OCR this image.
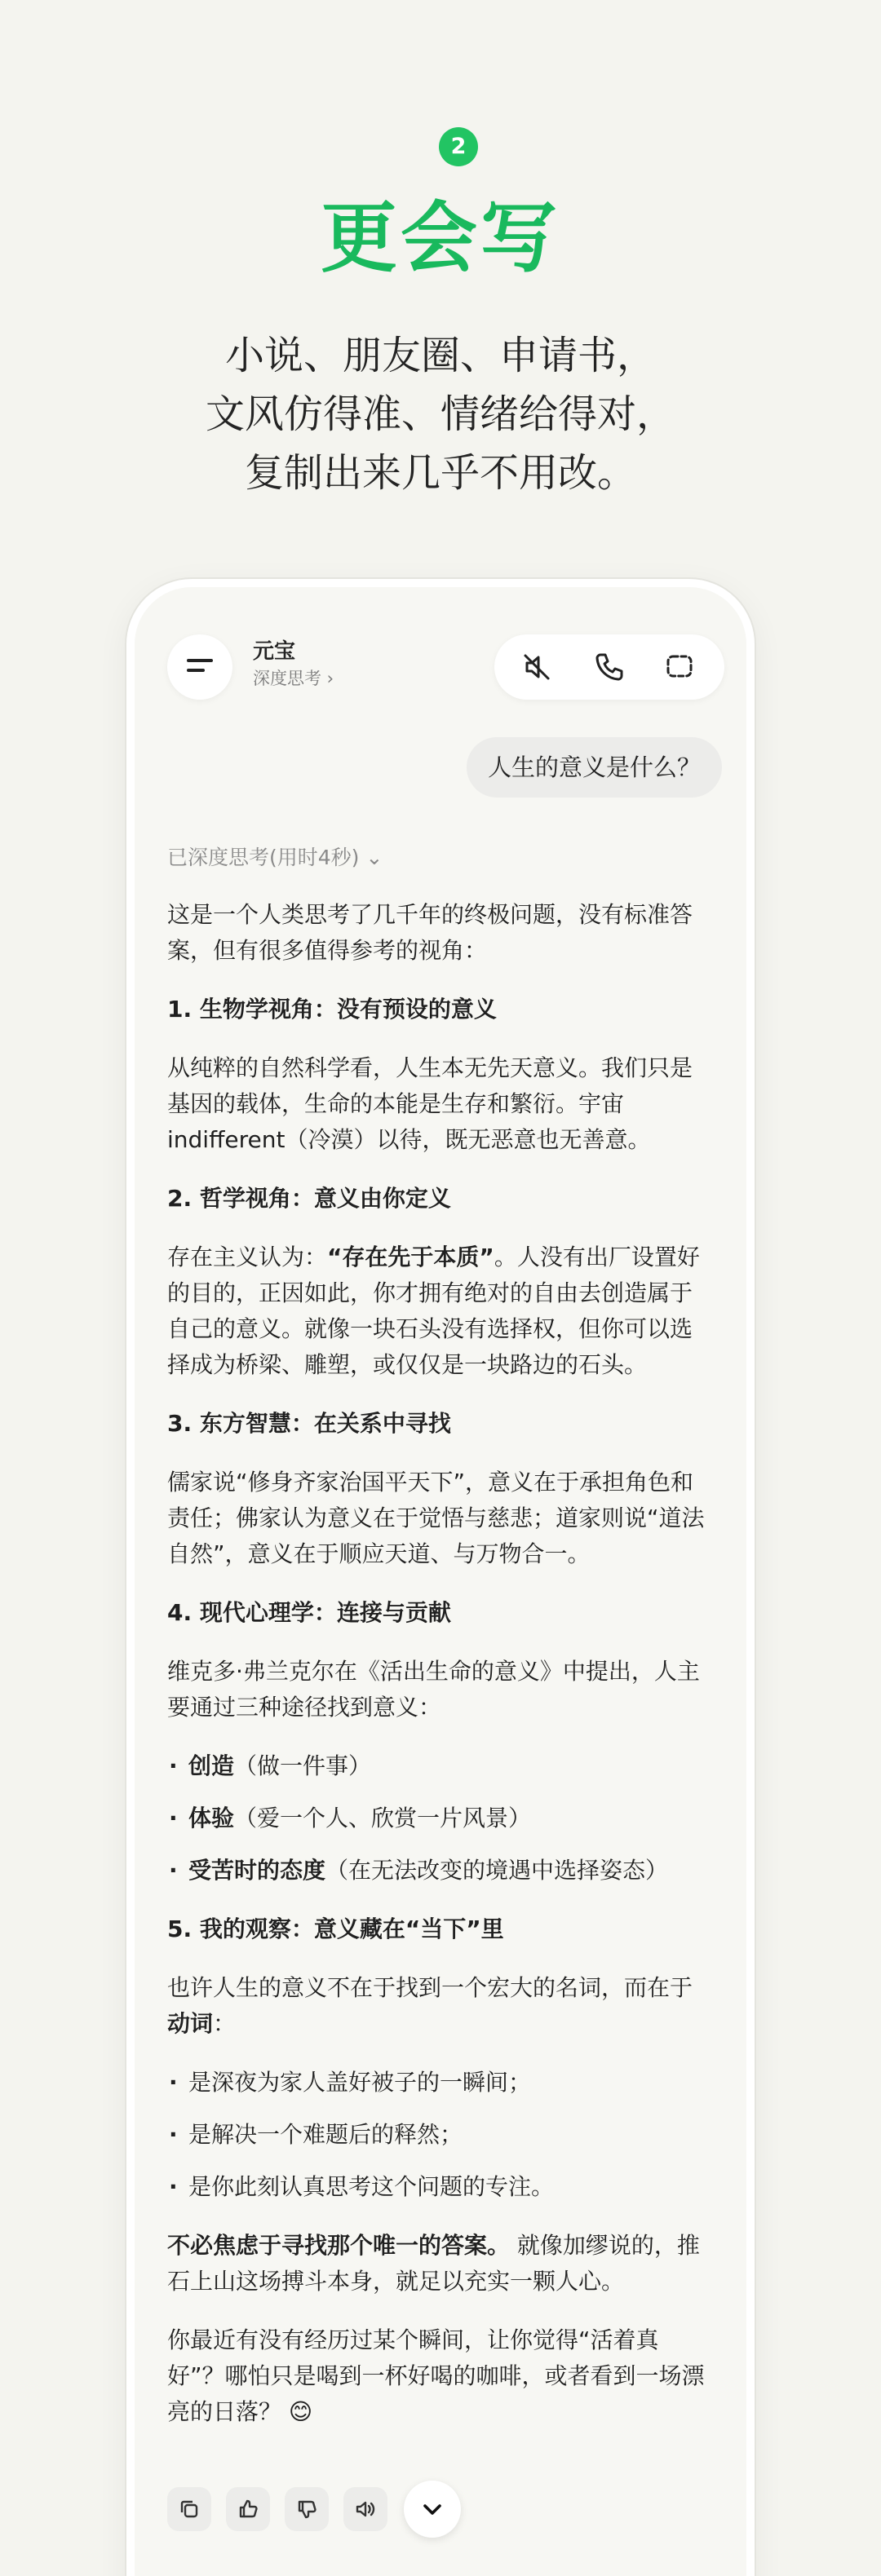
2
更会写
小说、朋友圈、申请书，
文风仿得准、情绪给得对，
复制出来几乎不用改。
元宝
深度思考 ›
人生的意义是什么？
已深度思考(用时4秒) ⌄

这是一个人类思考了几千年的终极问题，没有标准答案，但有很多值得参考的视角：

1. 生物学视角：没有预设的意义

从纯粹的自然科学看，人生本无先天意义。我们只是基因的载体，生命的本能是生存和繁衍。宇宙indifferent（冷漠）以待，既无恶意也无善意。

2. 哲学视角：意义由你定义

存在主义认为：“存在先于本质”。人没有出厂设置好的目的，正因如此，你才拥有绝对的自由去创造属于自己的意义。就像一块石头没有选择权，但你可以选择成为桥梁、雕塑，或仅仅是一块路边的石头。

3. 东方智慧：在关系中寻找

儒家说“修身齐家治国平天下”，意义在于承担角色和责任；佛家认为意义在于觉悟与慈悲；道家则说“道法自然”，意义在于顺应天道、与万物合一。

4. 现代心理学：连接与贡献

维克多·弗兰克尔在《活出生命的意义》中提出，人主要通过三种途径找到意义：

· 创造（做一件事）
· 体验（爱一个人、欣赏一片风景）
· 受苦时的态度（在无法改变的境遇中选择姿态）
5. 我的观察：意义藏在“当下”里

也许人生的意义不在于找到一个宏大的名词，而在于动词：

· 是深夜为家人盖好被子的一瞬间；
· 是解决一个难题后的释然；
· 是你此刻认真思考这个问题的专注。

不必焦虑于寻找那个唯一的答案。 就像加缪说的，推石上山这场搏斗本身，就足以充实一颗人心。

你最近有没有经历过某个瞬间，让你觉得“活着真好”？哪怕只是喝到一杯好喝的咖啡，或者看到一场漂亮的日落？ 😊
